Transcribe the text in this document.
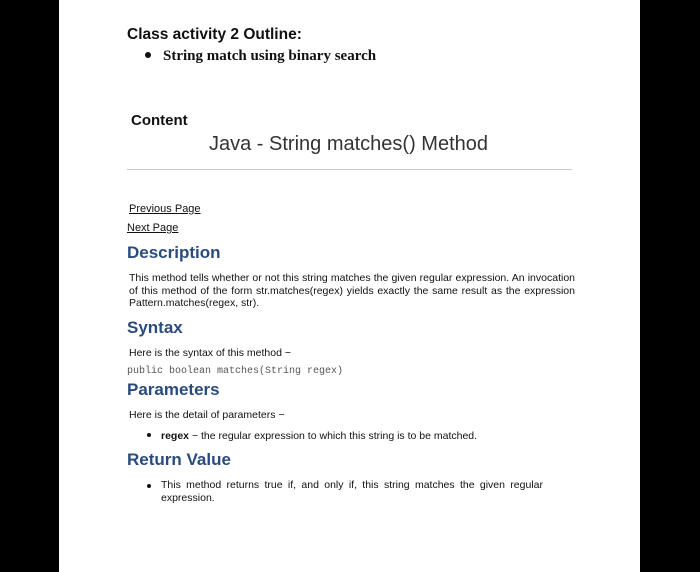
Class activity 2 Outline:
String match using binary search
Content
Java - String matches() Method
Previous Page
Next Page
Description
This method tells whether or not this string matches the given regular expression. An invocation of this method of the form str.matches(regex) yields exactly the same result as the expression Pattern.matches(regex, str).
Syntax
Here is the syntax of this method −
public boolean matches(String regex)
Parameters
Here is the detail of parameters −
regex − the regular expression to which this string is to be matched.
Return Value
This method returns true if, and only if, this string matches the given regular expression.
